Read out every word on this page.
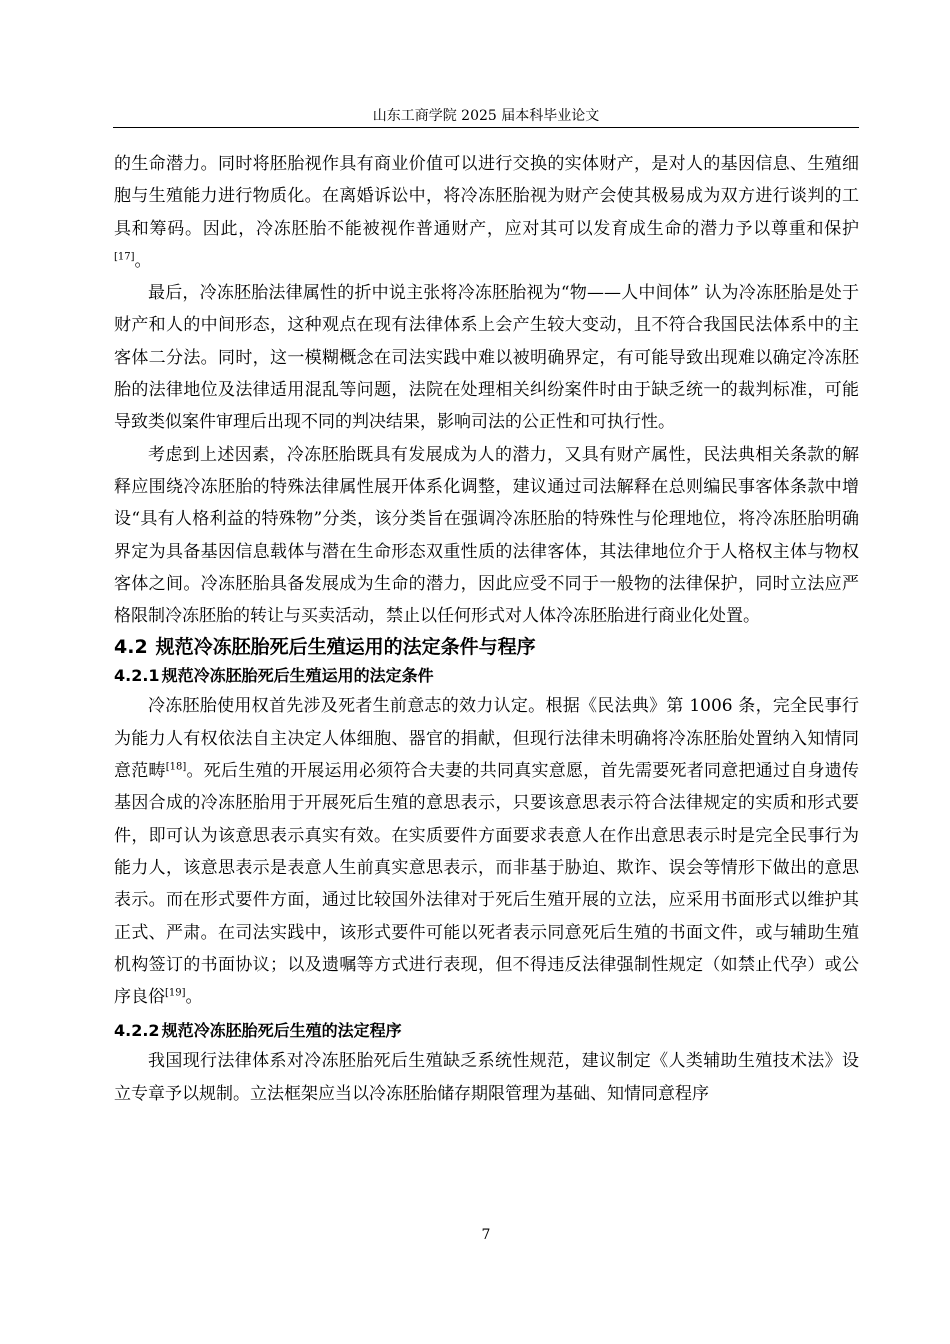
山东工商学院 2025 届本科毕业论文

的生命潜力。同时将胚胎视作具有商业价值可以进行交换的实体财产，是对人的基因信息、生殖细胞与生殖能力进行物质化。在离婚诉讼中，将冷冻胚胎视为财产会使其极易成为双方进行谈判的工具和筹码。因此，冷冻胚胎不能被视作普通财产，应对其可以发育成生命的潜力予以尊重和保护[17]。

最后，冷冻胚胎法律属性的折中说主张将冷冻胚胎视为“物——人中间体” 认为冷冻胚胎是处于财产和人的中间形态，这种观点在现有法律体系上会产生较大变动，且不符合我国民法体系中的主客体二分法。同时，这一模糊概念在司法实践中难以被明确界定，有可能导致出现难以确定冷冻胚胎的法律地位及法律适用混乱等问题，法院在处理相关纠纷案件时由于缺乏统一的裁判标准，可能导致类似案件审理后出现不同的判决结果，影响司法的公正性和可执行性。

考虑到上述因素，冷冻胚胎既具有发展成为人的潜力，又具有财产属性，民法典相关条款的解释应围绕冷冻胚胎的特殊法律属性展开体系化调整，建议通过司法解释在总则编民事客体条款中增设“具有人格利益的特殊物”分类，该分类旨在强调冷冻胚胎的特殊性与伦理地位，将冷冻胚胎明确界定为具备基因信息载体与潜在生命形态双重性质的法律客体，其法律地位介于人格权主体与物权客体之间。冷冻胚胎具备发展成为生命的潜力，因此应受不同于一般物的法律保护，同时立法应严格限制冷冻胚胎的转让与买卖活动，禁止以任何形式对人体冷冻胚胎进行商业化处置。

4.2 规范冷冻胚胎死后生殖运用的法定条件与程序
4.2.1 规范冷冻胚胎死后生殖运用的法定条件

冷冻胚胎使用权首先涉及死者生前意志的效力认定。根据《民法典》第 1006 条，完全民事行为能力人有权依法自主决定人体细胞、器官的捐献，但现行法律未明确将冷冻胚胎处置纳入知情同意范畴[18]。死后生殖的开展运用必须符合夫妻的共同真实意愿，首先需要死者同意把通过自身遗传基因合成的冷冻胚胎用于开展死后生殖的意思表示，只要该意思表示符合法律规定的实质和形式要件，即可认为该意思表示真实有效。在实质要件方面要求表意人在作出意思表示时是完全民事行为能力人，该意思表示是表意人生前真实意思表示，而非基于胁迫、欺诈、误会等情形下做出的意思表示。而在形式要件方面，通过比较国外法律对于死后生殖开展的立法，应采用书面形式以维护其正式、严肃。在司法实践中，该形式要件可能以死者表示同意死后生殖的书面文件，或与辅助生殖机构签订的书面协议；以及遗嘱等方式进行表现，但不得违反法律强制性规定（如禁止代孕）或公序良俗[19]。

4.2.2 规范冷冻胚胎死后生殖的法定程序

我国现行法律体系对冷冻胚胎死后生殖缺乏系统性规范，建议制定《人类辅助生殖技术法》设立专章予以规制。立法框架应当以冷冻胚胎储存期限管理为基础、知情同意程序

7
